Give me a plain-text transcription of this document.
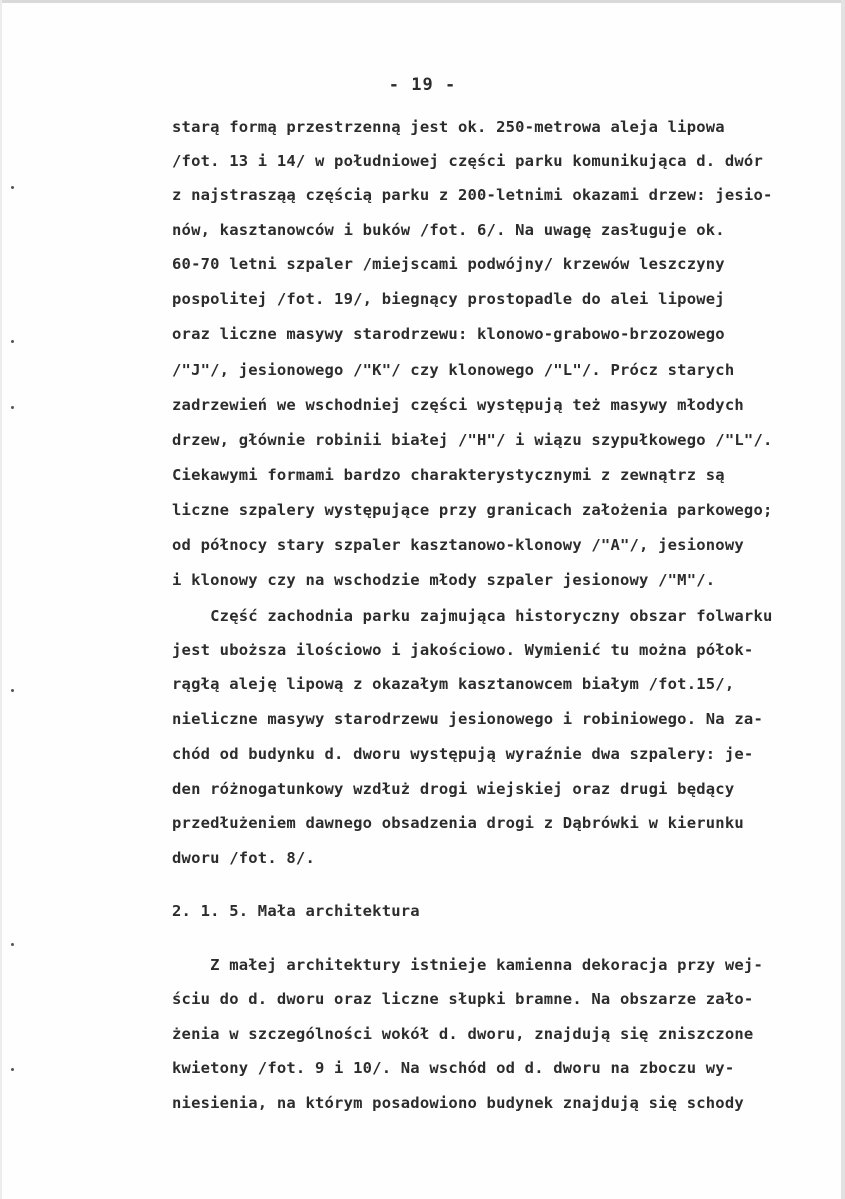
- 19 -
starą formą przestrzenną jest ok. 250-metrowa aleja lipowa
/fot. 13 i 14/ w południowej części parku komunikująca d. dwór
z najstrasząą częścią parku z 200-letnimi okazami drzew: jesio-
nów, kasztanowców i buków /fot. 6/. Na uwagę zasługuje ok.
60-70 letni szpaler /miejscami podwójny/ krzewów leszczyny
pospolitej /fot. 19/, biegnący prostopadle do alei lipowej
oraz liczne masywy starodrzewu: klonowo-grabowo-brzozowego
/"J"/, jesionowego /"K"/ czy klonowego /"L"/. Prócz starych
zadrzewień we wschodniej części występują też masywy młodych
drzew, głównie robinii białej /"H"/ i wiązu szypułkowego /"L"/.
Ciekawymi formami bardzo charakterystycznymi z zewnątrz są
liczne szpalery występujące przy granicach założenia parkowego;
od północy stary szpaler kasztanowo-klonowy /"A"/, jesionowy
i klonowy czy na wschodzie młody szpaler jesionowy /"M"/.
Część zachodnia parku zajmująca historyczny obszar folwarku
jest uboższa ilościowo i jakościowo. Wymienić tu można półok-
rągłą aleję lipową z okazałym kasztanowcem białym /fot.15/,
nieliczne masywy starodrzewu jesionowego i robiniowego. Na za-
chód od budynku d. dworu występują wyraźnie dwa szpalery: je-
den różnogatunkowy wzdłuż drogi wiejskiej oraz drugi będący
przedłużeniem dawnego obsadzenia drogi z Dąbrówki w kierunku
dworu /fot. 8/.
2. 1. 5. Mała architektura
Z małej architektury istnieje kamienna dekoracja przy wej-
ściu do d. dworu oraz liczne słupki bramne. Na obszarze zało-
żenia w szczególności wokół d. dworu, znajdują się zniszczone
kwietony /fot. 9 i 10/. Na wschód od d. dworu na zboczu wy-
niesienia, na którym posadowiono budynek znajdują się schody
